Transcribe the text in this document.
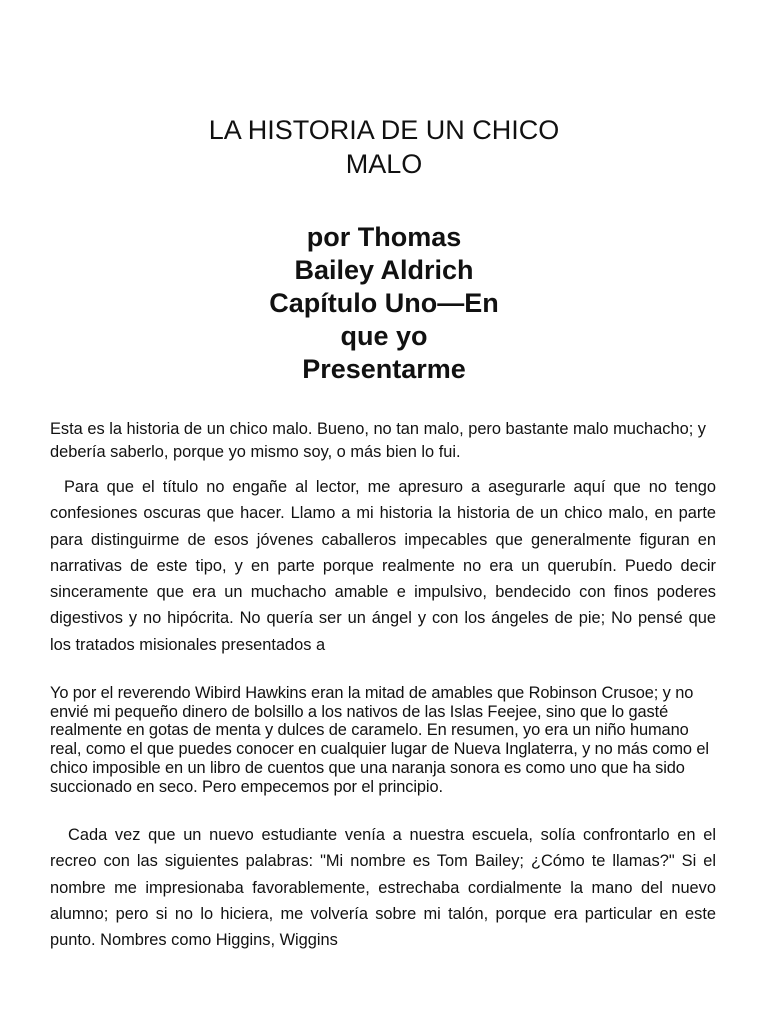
LA HISTORIA DE UN CHICO
MALO
por Thomas
Bailey Aldrich
Capítulo Uno—En
que yo
Presentarme

Esta es la historia de un chico malo. Bueno, no tan malo, pero bastante malo muchacho; y debería saberlo, porque yo mismo soy, o más bien lo fui.

Para que el título no engañe al lector, me apresuro a asegurarle aquí que no tengo confesiones oscuras que hacer. Llamo a mi historia la historia de un chico malo, en parte para distinguirme de esos jóvenes caballeros impecables que generalmente figuran en narrativas de este tipo, y en parte porque realmente no era un querubín. Puedo decir sinceramente que era un muchacho amable e impulsivo, bendecido con finos poderes digestivos y no hipócrita. No quería ser un ángel y con los ángeles de pie; No pensé que los tratados misionales presentados a

Yo por el reverendo Wibird Hawkins eran la mitad de amables que Robinson Crusoe; y no envié mi pequeño dinero de bolsillo a los nativos de las Islas Feejee, sino que lo gasté realmente en gotas de menta y dulces de caramelo. En resumen, yo era un niño humano real, como el que puedes conocer en cualquier lugar de Nueva Inglaterra, y no más como el chico imposible en un libro de cuentos que una naranja sonora es como uno que ha sido succionado en seco. Pero empecemos por el principio.

Cada vez que un nuevo estudiante venía a nuestra escuela, solía confrontarlo en el recreo con las siguientes palabras: "Mi nombre es Tom Bailey; ¿Cómo te llamas?" Si el nombre me impresionaba favorablemente, estrechaba cordialmente la mano del nuevo alumno; pero si no lo hiciera, me volvería sobre mi talón, porque era particular en este punto. Nombres como Higgins, Wiggins
